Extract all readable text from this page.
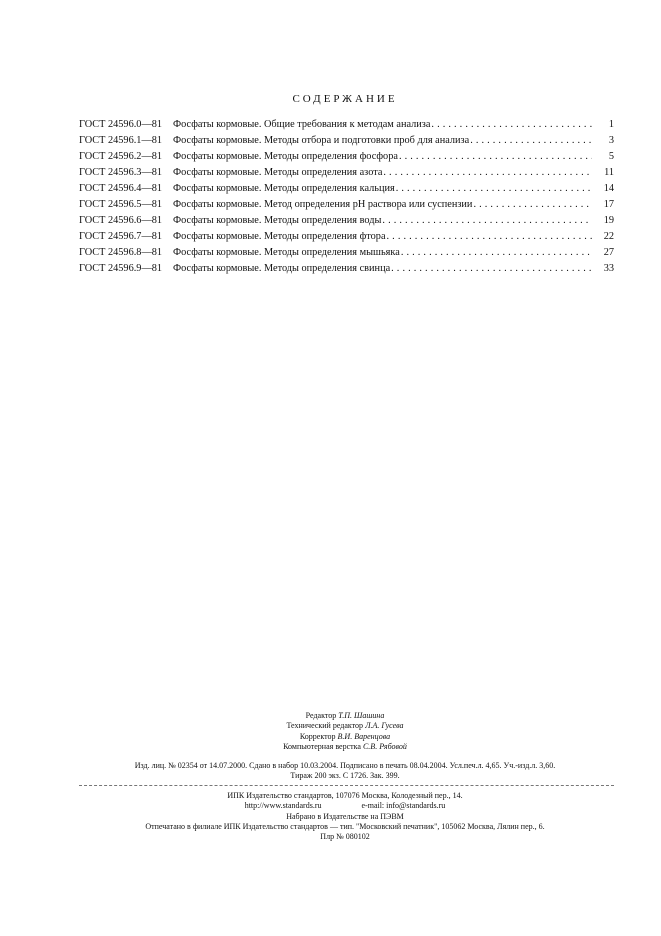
СОДЕРЖАНИЕ
ГОСТ 24596.0—81	Фосфаты кормовые. Общие требования к методам анализа . . .	1
ГОСТ 24596.1—81	Фосфаты кормовые. Методы отбора и подготовки проб для анализа . . .	3
ГОСТ 24596.2—81	Фосфаты кормовые. Методы определения фосфора . . .	5
ГОСТ 24596.3—81	Фосфаты кормовые. Методы определения азота . . .	11
ГОСТ 24596.4—81	Фосфаты кормовые. Методы определения кальция . . .	14
ГОСТ 24596.5—81	Фосфаты кормовые. Метод определения pH раствора или суспензии . . .	17
ГОСТ 24596.6—81	Фосфаты кормовые. Методы определения воды . . .	19
ГОСТ 24596.7—81	Фосфаты кормовые. Методы определения фтора . . .	22
ГОСТ 24596.8—81	Фосфаты кормовые. Методы определения мышьяка . . .	27
ГОСТ 24596.9—81	Фосфаты кормовые. Методы определения свинца . . .	33
Редактор Т.П. Шашина
Технический редактор Л.А. Гусева
Корректор В.И. Варенцова
Компьютерная верстка С.В. Рябовой
Изд. лиц. № 02354 от 14.07.2000. Сдано в набор 10.03.2004. Подписано в печать 08.04.2004. Усл.печ.л. 4,65. Уч.-изд.л. 3,60.
Тираж 200 экз. С 1726. Зак. 399.
ИПК Издательство стандартов, 107076 Москва, Колодезный пер., 14.
http://www.standards.ru	e-mail: info@standards.ru
Набрано в Издательстве на ПЭВМ
Отпечатано в филиале ИПК Издательство стандартов — тип. "Московский печатник", 105062 Москва, Лялин пер., 6.
Плр № 080102
